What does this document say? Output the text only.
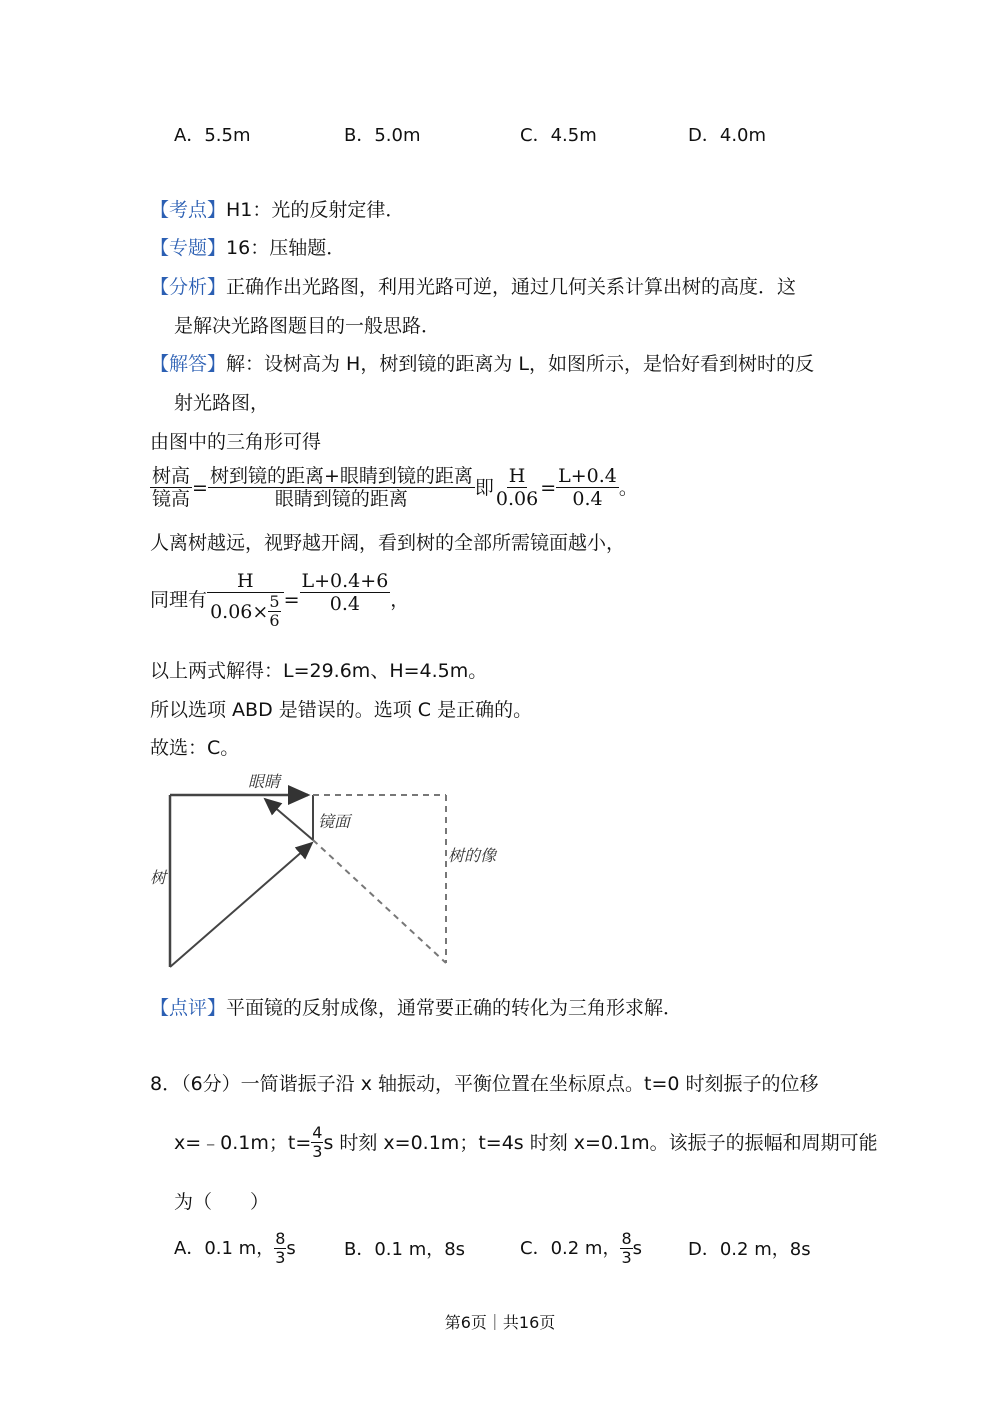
A．5.5m	B．5.0m	C．4.5m	D．4.0m
【考点】H1：光的反射定律．
【专题】16：压轴题．
【分析】正确作出光路图，利用光路可逆，通过几何关系计算出树的高度．这
是解决光路图题目的一般思路．
【解答】解：设树高为 H，树到镜的距离为 L，如图所示，是恰好看到树时的反
射光路图，
由图中的三角形可得
$\frac{\text{树高}}{\text{镜高}} = \frac{\text{树到镜的距离+眼睛到镜的距离}}{\text{眼睛到镜的距离}}$ 即 $\frac{H}{0.06} = \frac{L+0.4}{0.4}$ 。
人离树越远，视野越开阔，看到树的全部所需镜面越小，
同理有 $\frac{H}{0.06\times \frac{5}{6}} = \frac{L+0.4+6}{0.4}$ ，
以上两式解得：L=29.6m、H=4.5m。
所以选项 ABD 是错误的。选项 C 是正确的。
故选：C。
眼睛
镜面
树
树的像
【点评】平面镜的反射成像，通常要正确的转化为三角形求解．
8．（6分）一简谐振子沿 x 轴振动，平衡位置在坐标原点。t=0 时刻振子的位移
x=﹣0.1m；$t= \frac{4}{3}$ s 时刻 x=0.1m；t=4s 时刻 x=0.1m。该振子的振幅和周期可能
为（　　）
A．0.1 m， $\frac{8}{3}$ s	B．0.1 m，8s	C．0.2 m， $\frac{8}{3}$ s	D．0.2 m，8s
第6页｜共16页
